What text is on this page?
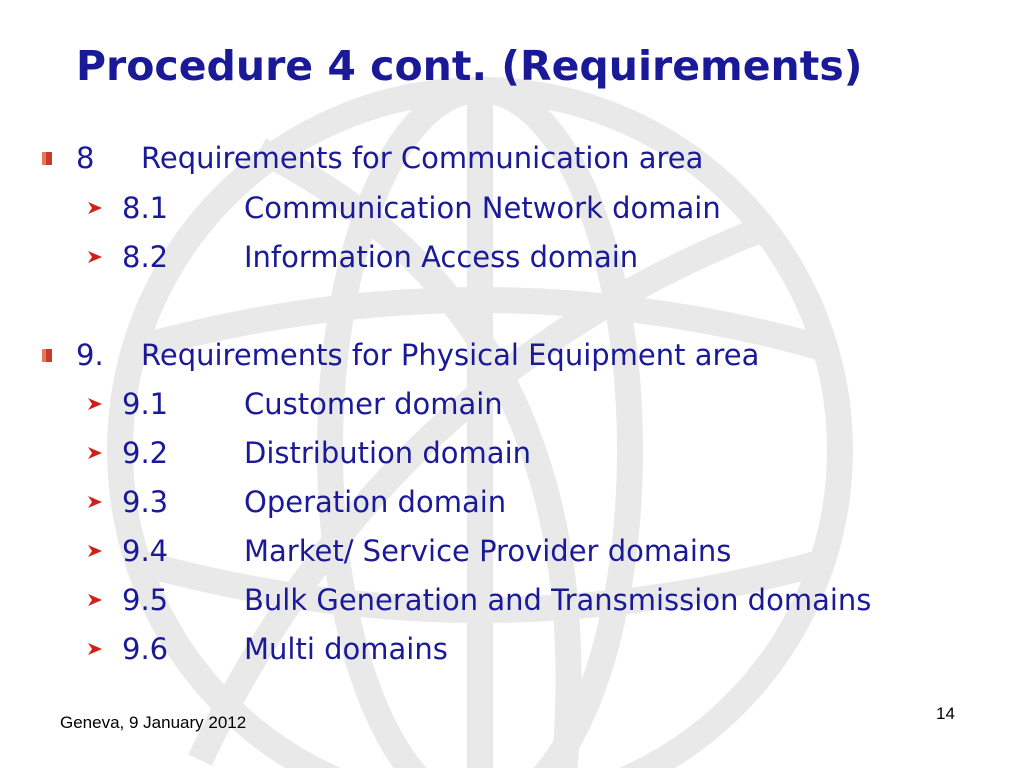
Procedure 4 cont. (Requirements)
8	Requirements for Communication area
8.1	Communication Network domain
8.2	Information Access domain
9.	Requirements for Physical Equipment area
9.1	Customer domain
9.2	Distribution domain
9.3	Operation domain
9.4	Market/ Service Provider domains
9.5	Bulk Generation and Transmission domains
9.6	Multi domains
Geneva, 9 January 2012	14
